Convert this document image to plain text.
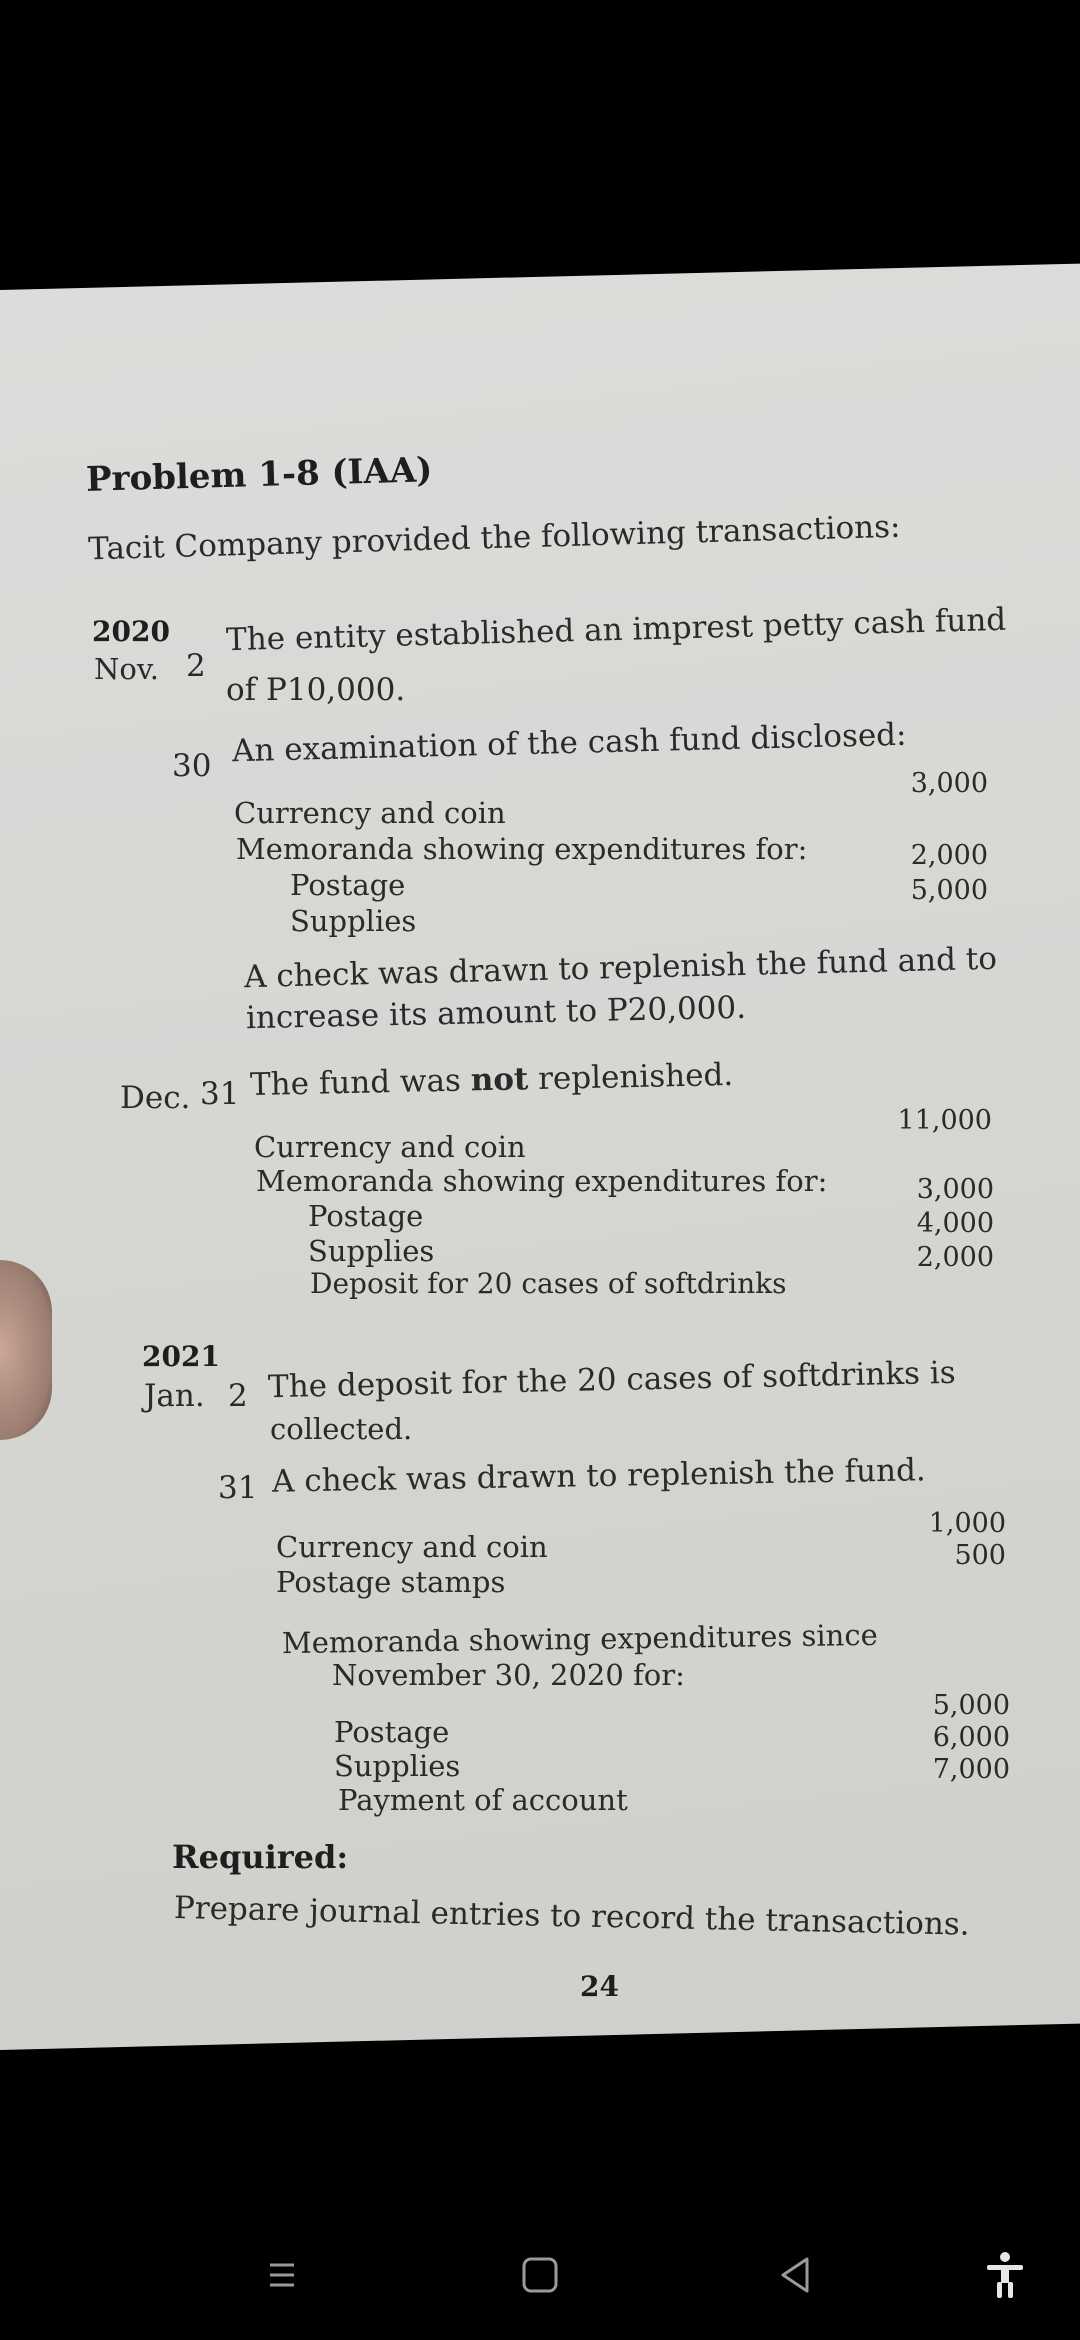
Problem 1-8 (IAA)
Tacit Company provided the following transactions:
2020
Nov. 2
The entity established an imprest petty cash fund
of P10,000.
30 An examination of the cash fund disclosed:
3,000
Currency and coin
Memoranda showing expenditures for:
Postage
2,000
Supplies
5,000
A check was drawn to replenish the fund and to
increase its amount to P20,000.
Dec. 31 The fund was not replenished.
11,000
Currency and coin
Memoranda showing expenditures for:
Postage
3,000
Supplies
4,000
Deposit for 20 cases of softdrinks
2,000
2021
Jan. 2 The deposit for the 20 cases of softdrinks is
collected.
31 A check was drawn to replenish the fund.
Currency and coin
1,000
Postage stamps
500
Memoranda showing expenditures since
November 30, 2020 for:
Postage
5,000
Supplies
6,000
Payment of account
7,000
Required:
Prepare journal entries to record the transactions.
24
